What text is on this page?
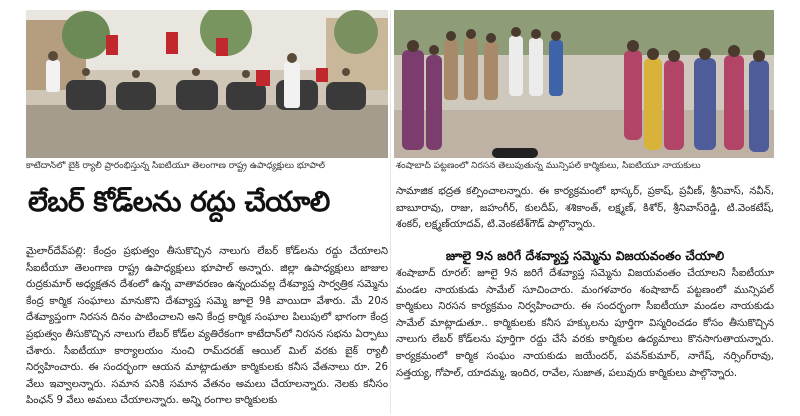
కాటేదాన్‌లో బైక్ ర్యాలీ ప్రారంభిస్తున్న సీఐటీయూ తెలంగాణ రాష్ట్ర ఉపాధ్యక్షులు భూపాల్	శంషాబాద్ పట్టణంలో నిరసన తెలుపుతున్న మున్సిపల్ కార్మికులు, సీఐటీయూ నాయకులు
లేబర్ కోడ్‌లను రద్దు చేయాలి

మైలార్‌దేవ్‌పల్లి: కేంద్రం ప్రభుత్వం తీసుకొచ్చిన నాలుగు లేబర్ కోడ్‌లను రద్దు చేయాలని సీఐటీయూ తెలంగాణ రాష్ట్ర ఉపాధ్యక్షులు భూపాల్ అన్నారు. జిల్లా ఉపాధ్యక్షులు జాజుల రుద్రకుమార్ అధ్యక్షతన దేశంలో ఉన్న వాతావరణం ఉన్నందువల్ల దేశవ్యాప్త సార్వత్రిక సమ్మెను కేంద్ర కార్మిక సంఘాలు మానుకొని దేశవ్యాప్త సమ్మె జూలై 9కి వాయిదా వేశారు. మే 20న దేశవ్యాప్తంగా నిరసన దినం పాటించాలని అని కేంద్ర కార్మిక సంఘాల పిలుపులో భాగంగా కేంద్ర ప్రభుత్వం తీసుకొచ్చిన నాలుగు లేబర్ కోడ్‌ల వ్యతిరేకంగా కాటేదాన్‌లో నిరసన సభను ఏర్పాటు చేశారు. సీఐటీయూ కార్యాలయం నుంచి రామ్‌దరజ్ ఆయిల్ మిల్ వరకు బైక్ ర్యాలీ నిర్వహించారు. ఈ సందర్భంగా ఆయన మాట్లాడుతూ కార్మికులకు కనీస వేతనాలు రూ. 26 వేలు ఇవ్వాలన్నారు. సమాన పనికి సమాన వేతనం అమలు చేయాలన్నారు. నెలకు కనీసం పింఛన్ 9 వేలు అమలు చేయాలన్నారు. అన్ని రంగాల కార్మికులకు

సామాజిక భద్రత కల్పించాలన్నారు. ఈ కార్యక్రమంలో భాస్కర్, ప్రకాష్, ప్రవీణ్, శ్రీనివాస్, నవీన్, బాబూరావు, రాజు, జహంగీర్, కులదీప్, శశికాంత్, లక్ష్మణ్, కిశోర్, శ్రీనివాస్‌రెడ్డి, టి.వెంకటేష్, శంకర్, లక్ష్మణ్‌యాదవ్, టి.వెంకటేశ్‌గౌడ్ పాల్గొన్నారు.

జూలై 9న జరిగే దేశవ్యాప్త సమ్మెను విజయవంతం చేయాలి

శంషాబాద్ రూరల్: జూలై 9న జరిగే దేశవ్యాప్త సమ్మెను విజయవంతం చేయాలని సీఐటీయూ మండల నాయకుడు సామేల్ సూచించారు. మంగళవారం శంషాబాద్ పట్టణంలో మున్సిపల్ కార్మికులు నిరసన కార్యక్రమం నిర్వహించారు. ఈ సందర్భంగా సీఐటీయూ మండల నాయకుడు సామేల్ మాట్లాడుతూ.. కార్మికులకు కనీస హక్కులను పూర్తిగా విస్మరించడం కోసం తీసుకొచ్చిన నాలుగు లేబర్ కోడ్‌లను పూర్తిగా రద్దు చేసే వరకు కార్మికుల ఉద్యమాలు కొనసాగుతాయన్నారు. కార్యక్రమంలో కార్మిక సంఘం నాయకుడు జయేందర్, పవన్‌కుమార్, నాగేష్, నర్సింగ్‌రావు, సత్తయ్య, గోపాల్, యాదమ్మ, ఇందిర, రావేల, సుజాత, పలువురు కార్మికులు పాల్గొన్నారు.
